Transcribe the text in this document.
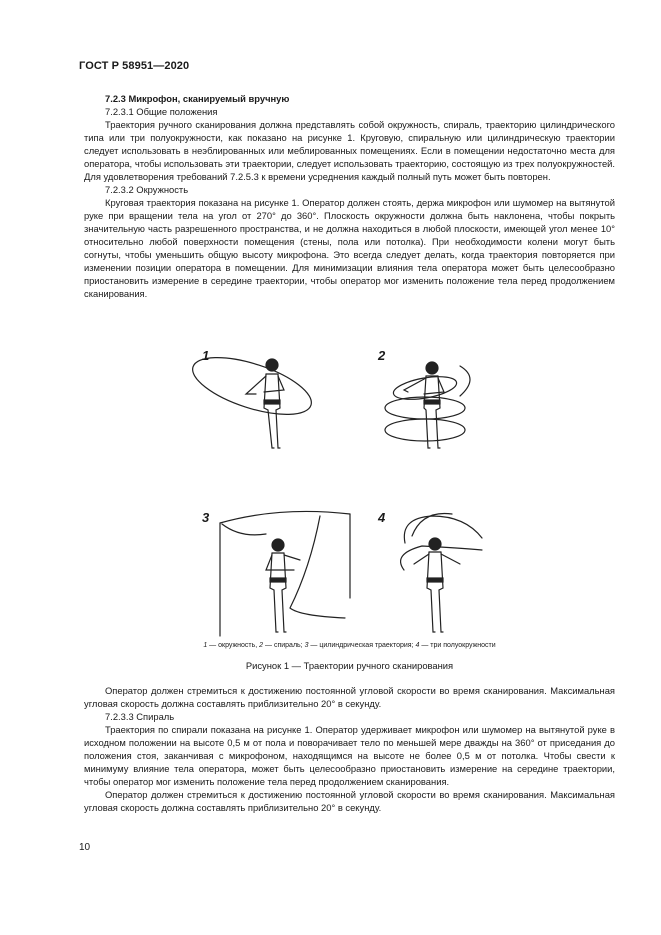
ГОСТ Р 58951—2020

7.2.3 Микрофон, сканируемый вручную

7.2.3.1 Общие положения

Траектория ручного сканирования должна представлять собой окружность, спираль, траекторию цилиндрического типа или три полуокружности, как показано на рисунке 1. Круговую, спиральную или цилиндрическую траектории следует использовать в неэблированных или меблированных помещениях. Если в помещении недостаточно места для оператора, чтобы использовать эти траектории, следует использовать траекторию, состоящую из трех полуокружностей. Для удовлетворения требований 7.2.5.3 к времени усреднения каждый полный путь может быть повторен.

7.2.3.2 Окружность

Круговая траектория показана на рисунке 1. Оператор должен стоять, держа микрофон или шумомер на вытянутой руке при вращении тела на угол от 270° до 360°. Плоскость окружности должна быть наклонена, чтобы покрыть значительную часть разрешенного пространства, и не должна находиться в любой плоскости, имеющей угол менее 10° относительно любой поверхности помещения (стены, пола или потолка). При необходимости колени могут быть согнуты, чтобы уменьшить общую высоту микрофона. Это всегда следует делать, когда траектория повторяется при изменении позиции оператора в помещении. Для минимизации влияния тела оператора может быть целесообразно приостановить измерение в середине траектории, чтобы оператор мог изменить положение тела перед продолжением сканирования.

1	2
3	4
1 — окружность, 2 — спираль; 3 — цилиндрическая траектория; 4 — три полуокружности
Рисунок 1 — Траектории ручного сканирования

Оператор должен стремиться к достижению постоянной угловой скорости во время сканирования. Максимальная угловая скорость должна составлять приблизительно 20° в секунду.

7.2.3.3 Спираль

Траектория по спирали показана на рисунке 1. Оператор удерживает микрофон или шумомер на вытянутой руке в исходном положении на высоте 0,5 м от пола и поворачивает тело по меньшей мере дважды на 360° от приседания до положения стоя, заканчивая с микрофоном, находящимся на высоте не более 0,5 м от потолка. Чтобы свести к минимуму влияние тела оператора, может быть целесообразно приостановить измерение на середине траектории, чтобы оператор мог изменить положение тела перед продолжением сканирования.

Оператор должен стремиться к достижению постоянной угловой скорости во время сканирования. Максимальная угловая скорость должна составлять приблизительно 20° в секунду.

10
